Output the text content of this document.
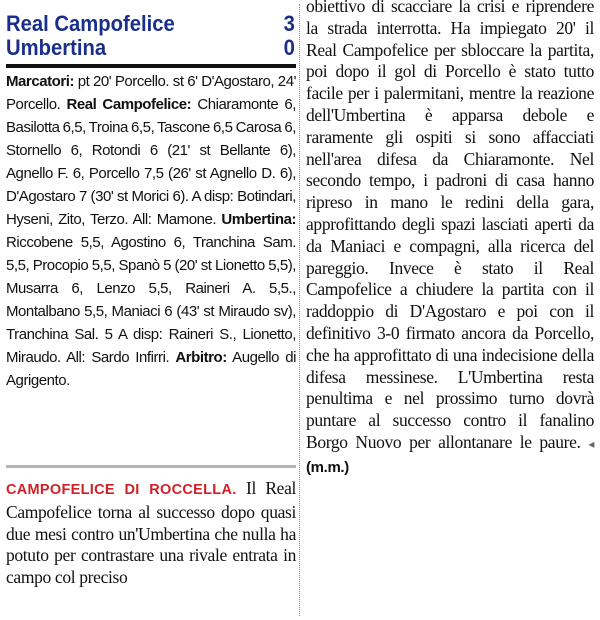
Real Campofelice	3
Umbertina	0
Marcatori: pt 20' Porcello. st 6' D'Agostaro, 24' Porcello. Real Campofelice: Chiaramonte 6, Basilotta 6,5, Troina 6,5, Tascone 6,5 Carosa 6, Stornello 6, Rotondi 6 (21' st Bellante 6), Agnello F. 6, Porcello 7,5 (26' st Agnello D. 6), D'Agostaro 7 (30' st Morici 6). A disp: Botindari, Hyseni, Zito, Terzo. All: Mamone. Umbertina: Riccobene 5,5, Agostino 6, Tranchina Sam. 5,5, Procopio 5,5, Spanò 5 (20' st Lionetto 5,5), Musarra 6, Lenzo 5,5, Raineri A. 5,5., Montalbano 5,5, Maniaci 6 (43' st Miraudo sv), Tranchina Sal. 5 A disp: Raineri S., Lionetto, Miraudo. All: Sardo Infirri. Arbitro: Augello di Agrigento.
CAMPOFELICE DI ROCCELLA. Il Real Campofelice torna al successo dopo quasi due mesi contro un'Umbertina che nulla ha potuto per contrastare una rivale entrata in campo col preciso
obiettivo di scacciare la crisi e riprendere la strada interrotta. Ha impiegato 20' il Real Campofelice per sbloccare la partita, poi dopo il gol di Porcello è stato tutto facile per i palermitani, mentre la reazione dell'Umbertina è apparsa debole e raramente gli ospiti si sono affacciati nell'area difesa da Chiaramonte. Nel secondo tempo, i padroni di casa hanno ripreso in mano le redini della gara, approfittando degli spazi lasciati aperti da da Maniaci e compagni, alla ricerca del pareggio. Invece è stato il Real Campofelice a chiudere la partita con il raddoppio di D'Agostaro e poi con il definitivo 3-0 firmato ancora da Porcello, che ha approfittato di una indecisione della difesa messinese. L'Umbertina resta penultima e nel prossimo turno dovrà puntare al successo contro il fanalino Borgo Nuovo per allontanare le paure. ◂ (m.m.)
